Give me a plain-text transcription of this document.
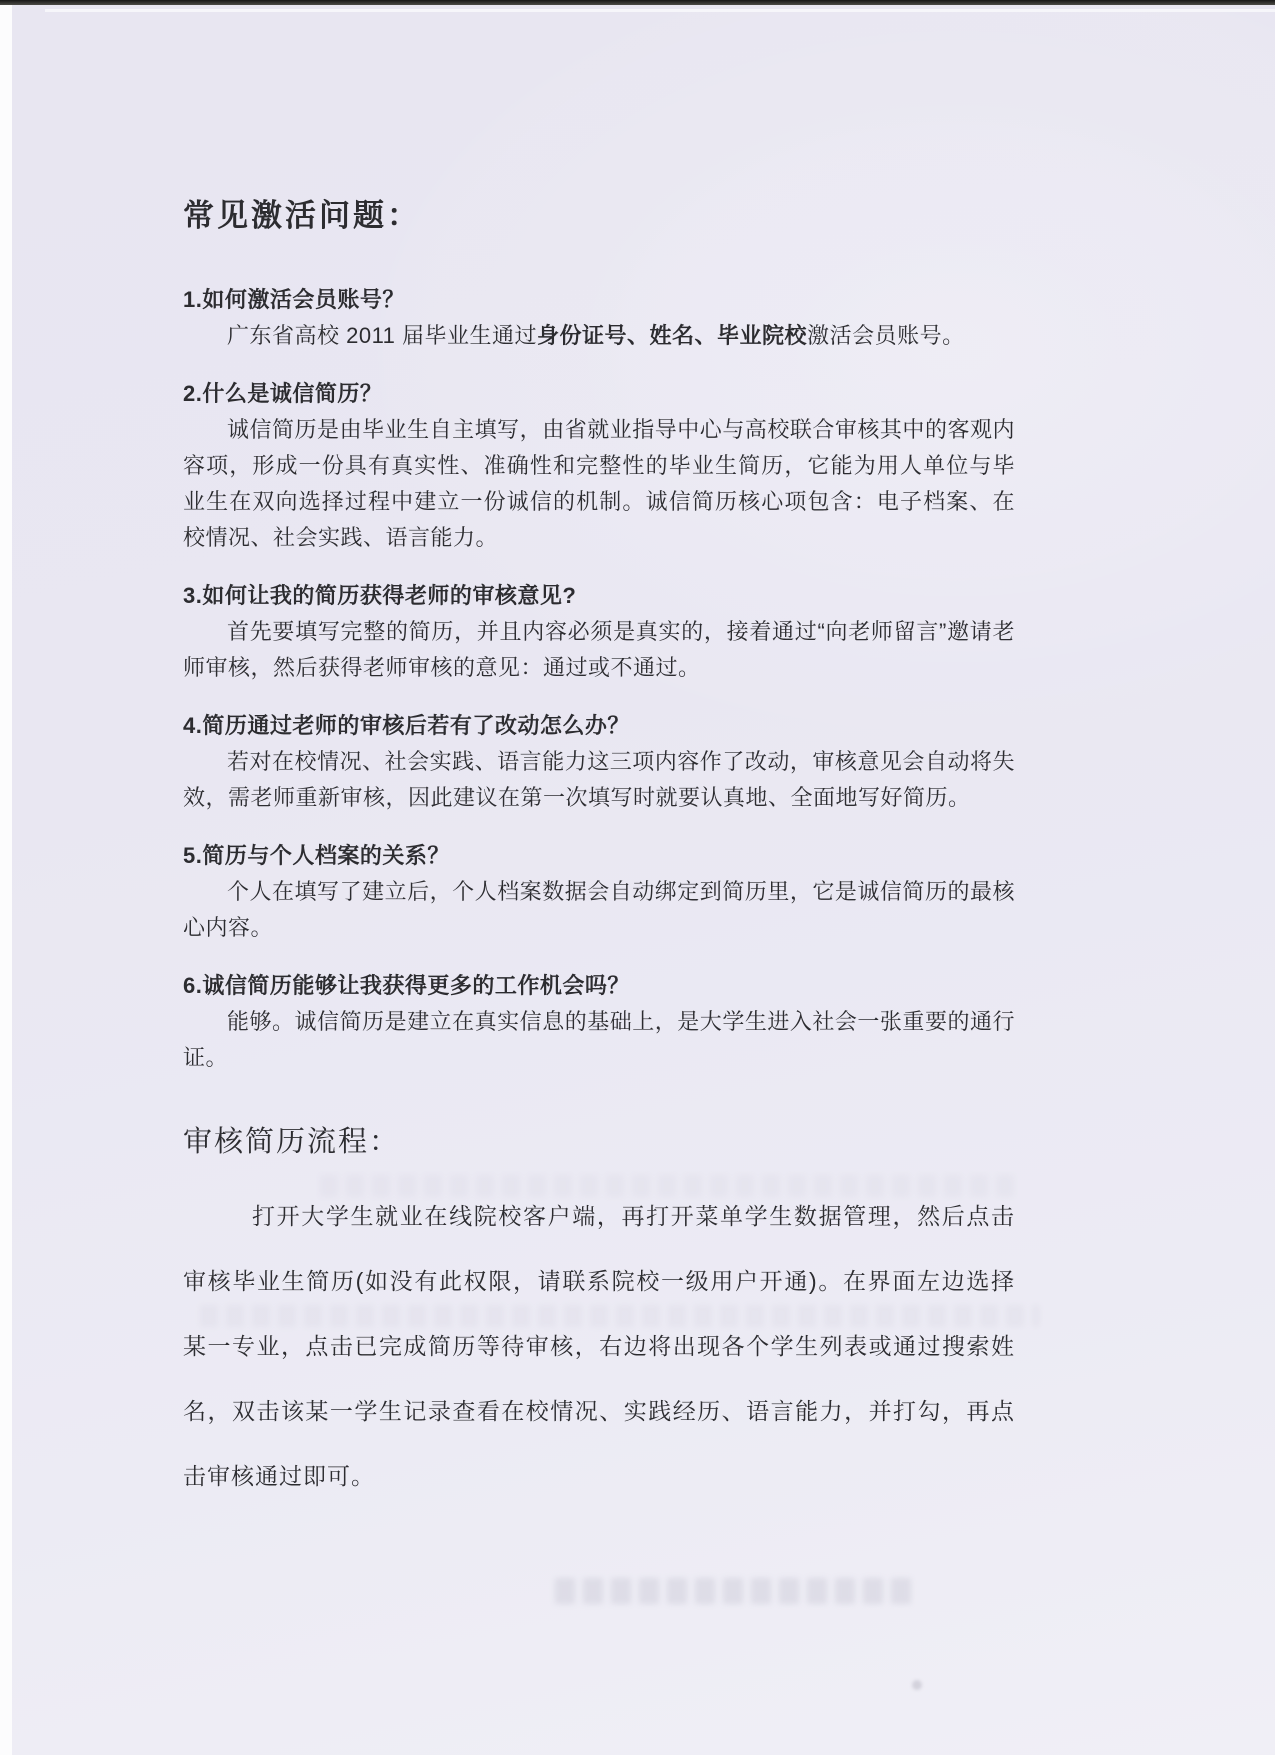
常见激活问题：

1.如何激活会员账号？

广东省高校 2011 届毕业生通过身份证号、姓名、毕业院校激活会员账号。

2.什么是诚信简历？

诚信简历是由毕业生自主填写，由省就业指导中心与高校联合审核其中的客观内容项，形成一份具有真实性、准确性和完整性的毕业生简历，它能为用人单位与毕业生在双向选择过程中建立一份诚信的机制。诚信简历核心项包含：电子档案、在校情况、社会实践、语言能力。

3.如何让我的简历获得老师的审核意见?

首先要填写完整的简历，并且内容必须是真实的，接着通过“向老师留言”邀请老师审核，然后获得老师审核的意见：通过或不通过。

4.简历通过老师的审核后若有了改动怎么办？

若对在校情况、社会实践、语言能力这三项内容作了改动，审核意见会自动将失效，需老师重新审核，因此建议在第一次填写时就要认真地、全面地写好简历。

5.简历与个人档案的关系？

个人在填写了建立后，个人档案数据会自动绑定到简历里，它是诚信简历的最核心内容。

6.诚信简历能够让我获得更多的工作机会吗？

能够。诚信简历是建立在真实信息的基础上，是大学生进入社会一张重要的通行证。

审核简历流程：

打开大学生就业在线院校客户端，再打开菜单学生数据管理，然后点击审核毕业生简历(如没有此权限，请联系院校一级用户开通)。在界面左边选择某一专业，点击已完成简历等待审核，右边将出现各个学生列表或通过搜索姓名，双击该某一学生记录查看在校情况、实践经历、语言能力，并打勾，再点击审核通过即可。
